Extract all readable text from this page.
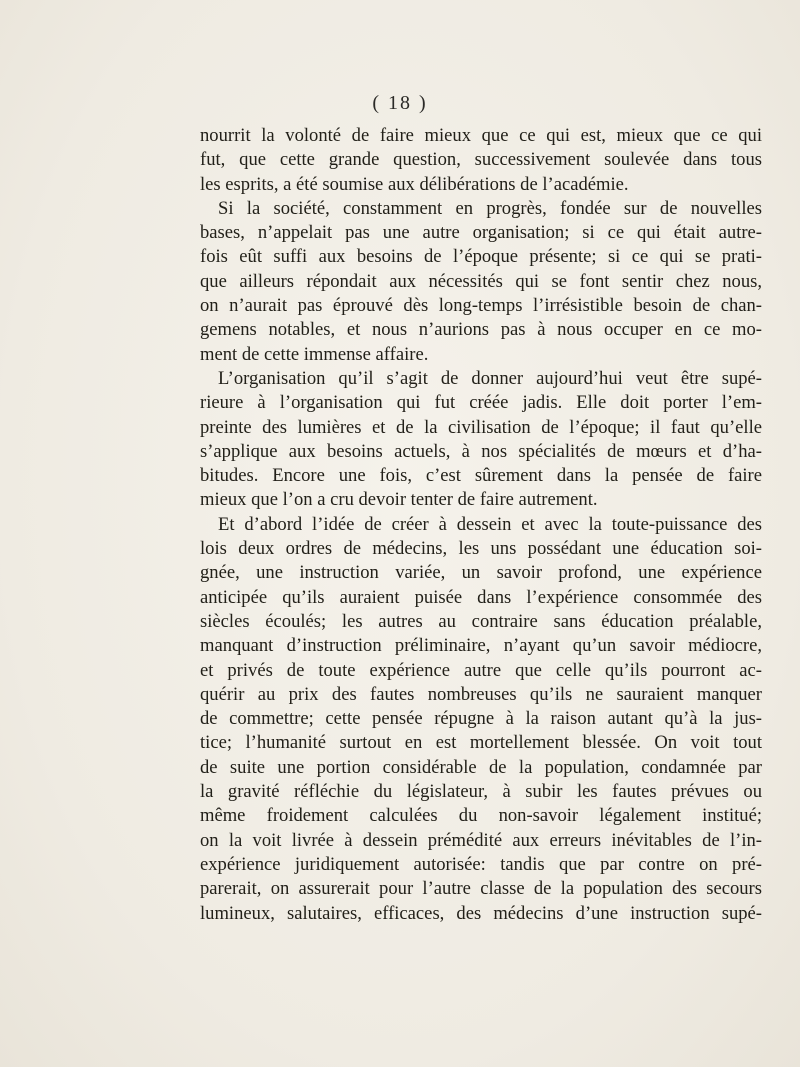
( 18 )
nourrit la volonté de faire mieux que ce qui est, mieux que ce qui
fut, que cette grande question, successivement soulevée dans tous
les esprits, a été soumise aux délibérations de l’académie.
Si la société, constamment en progrès, fondée sur de nouvelles
bases, n’appelait pas une autre organisation; si ce qui était autre-
fois eût suffi aux besoins de l’époque présente; si ce qui se prati-
que ailleurs répondait aux nécessités qui se font sentir chez nous,
on n’aurait pas éprouvé dès long-temps l’irrésistible besoin de chan-
gemens notables, et nous n’aurions pas à nous occuper en ce mo-
ment de cette immense affaire.
L’organisation qu’il s’agit de donner aujourd’hui veut être supé-
rieure à l’organisation qui fut créée jadis. Elle doit porter l’em-
preinte des lumières et de la civilisation de l’époque; il faut qu’elle
s’applique aux besoins actuels, à nos spécialités de mœurs et d’ha-
bitudes. Encore une fois, c’est sûrement dans la pensée de faire
mieux que l’on a cru devoir tenter de faire autrement.
Et d’abord l’idée de créer à dessein et avec la toute-puissance des
lois deux ordres de médecins, les uns possédant une éducation soi-
gnée, une instruction variée, un savoir profond, une expérience
anticipée qu’ils auraient puisée dans l’expérience consommée des
siècles écoulés; les autres au contraire sans éducation préalable,
manquant d’instruction préliminaire, n’ayant qu’un savoir médiocre,
et privés de toute expérience autre que celle qu’ils pourront ac-
quérir au prix des fautes nombreuses qu’ils ne sauraient manquer
de commettre; cette pensée répugne à la raison autant qu’à la jus-
tice; l’humanité surtout en est mortellement blessée. On voit tout
de suite une portion considérable de la population, condamnée par
la gravité réfléchie du législateur, à subir les fautes prévues ou
même froidement calculées du non-savoir légalement institué;
on la voit livrée à dessein prémédité aux erreurs inévitables de l’in-
expérience juridiquement autorisée: tandis que par contre on pré-
parerait, on assurerait pour l’autre classe de la population des secours
lumineux, salutaires, efficaces, des médecins d’une instruction supé-
